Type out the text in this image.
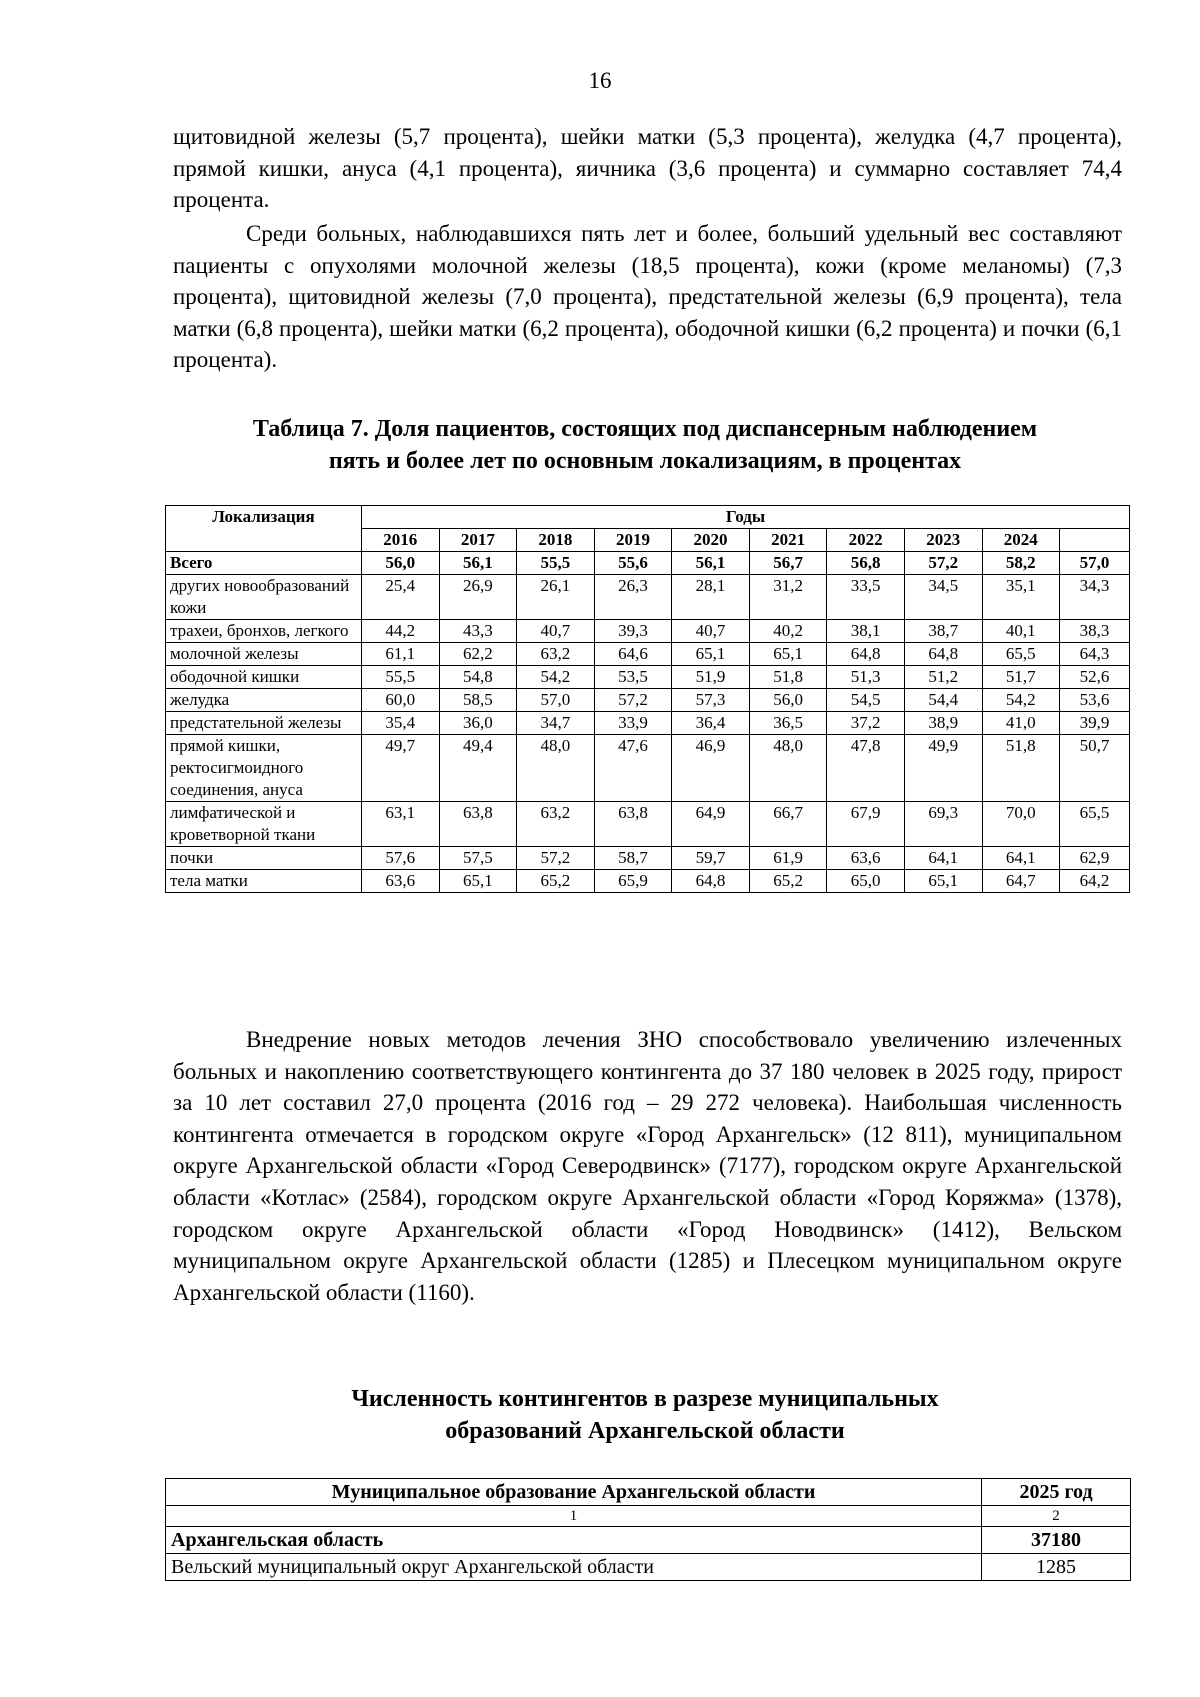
16

щитовидной железы (5,7 процента), шейки матки (5,3 процента), желудка (4,7 процента), прямой кишки, ануса (4,1 процента), яичника (3,6 процента) и суммарно составляет 74,4 процента.

Среди больных, наблюдавшихся пять лет и более, больший удельный вес составляют пациенты с опухолями молочной железы (18,5 процента), кожи (кроме меланомы) (7,3 процента), щитовидной железы (7,0 процента), предстательной железы (6,9 процента), тела матки (6,8 процента), шейки матки (6,2 процента), ободочной кишки (6,2 процента) и почки (6,1 процента).

Таблица 7. Доля пациентов, состоящих под диспансерным наблюдением
пять и более лет по основным локализациям, в процентах
Локализация	Годы									
	2016	2017	2018	2019	2020	2021	2022	2023	2024	
Всего	56,0	56,1	55,5	55,6	56,1	56,7	56,8	57,2	58,2	57,0
других новообразований кожи	25,4	26,9	26,1	26,3	28,1	31,2	33,5	34,5	35,1	34,3
трахеи, бронхов, легкого	44,2	43,3	40,7	39,3	40,7	40,2	38,1	38,7	40,1	38,3
молочной железы	61,1	62,2	63,2	64,6	65,1	65,1	64,8	64,8	65,5	64,3
ободочной кишки	55,5	54,8	54,2	53,5	51,9	51,8	51,3	51,2	51,7	52,6
желудка	60,0	58,5	57,0	57,2	57,3	56,0	54,5	54,4	54,2	53,6
предстательной железы	35,4	36,0	34,7	33,9	36,4	36,5	37,2	38,9	41,0	39,9
прямой кишки, ректосигмоидного соединения, ануса	49,7	49,4	48,0	47,6	46,9	48,0	47,8	49,9	51,8	50,7
лимфатической и кроветворной ткани	63,1	63,8	63,2	63,8	64,9	66,7	67,9	69,3	70,0	65,5
почки	57,6	57,5	57,2	58,7	59,7	61,9	63,6	64,1	64,1	62,9
тела матки	63,6	65,1	65,2	65,9	64,8	65,2	65,0	65,1	64,7	64,2

Внедрение новых методов лечения ЗНО способствовало увеличению излеченных больных и накоплению соответствующего контингента до 37 180 человек в 2025 году, прирост за 10 лет составил 27,0 процента (2016 год – 29 272 человека). Наибольшая численность контингента отмечается в городском округе «Город Архангельск» (12 811), муниципальном округе Архангельской области «Город Северодвинск» (7177), городском округе Архангельской области «Котлас» (2584), городском округе Архангельской области «Город Коряжма» (1378), городском округе Архангельской области «Город Новодвинск» (1412), Вельском муниципальном округе Архангельской области (1285) и Плесецком муниципальном округе Архангельской области (1160).

Численность контингентов в разрезе муниципальных
образований Архангельской области
Муниципальное образование Архангельской области	2025 год
1	2
Архангельская область	37180
Вельский муниципальный округ Архангельской области	1285
